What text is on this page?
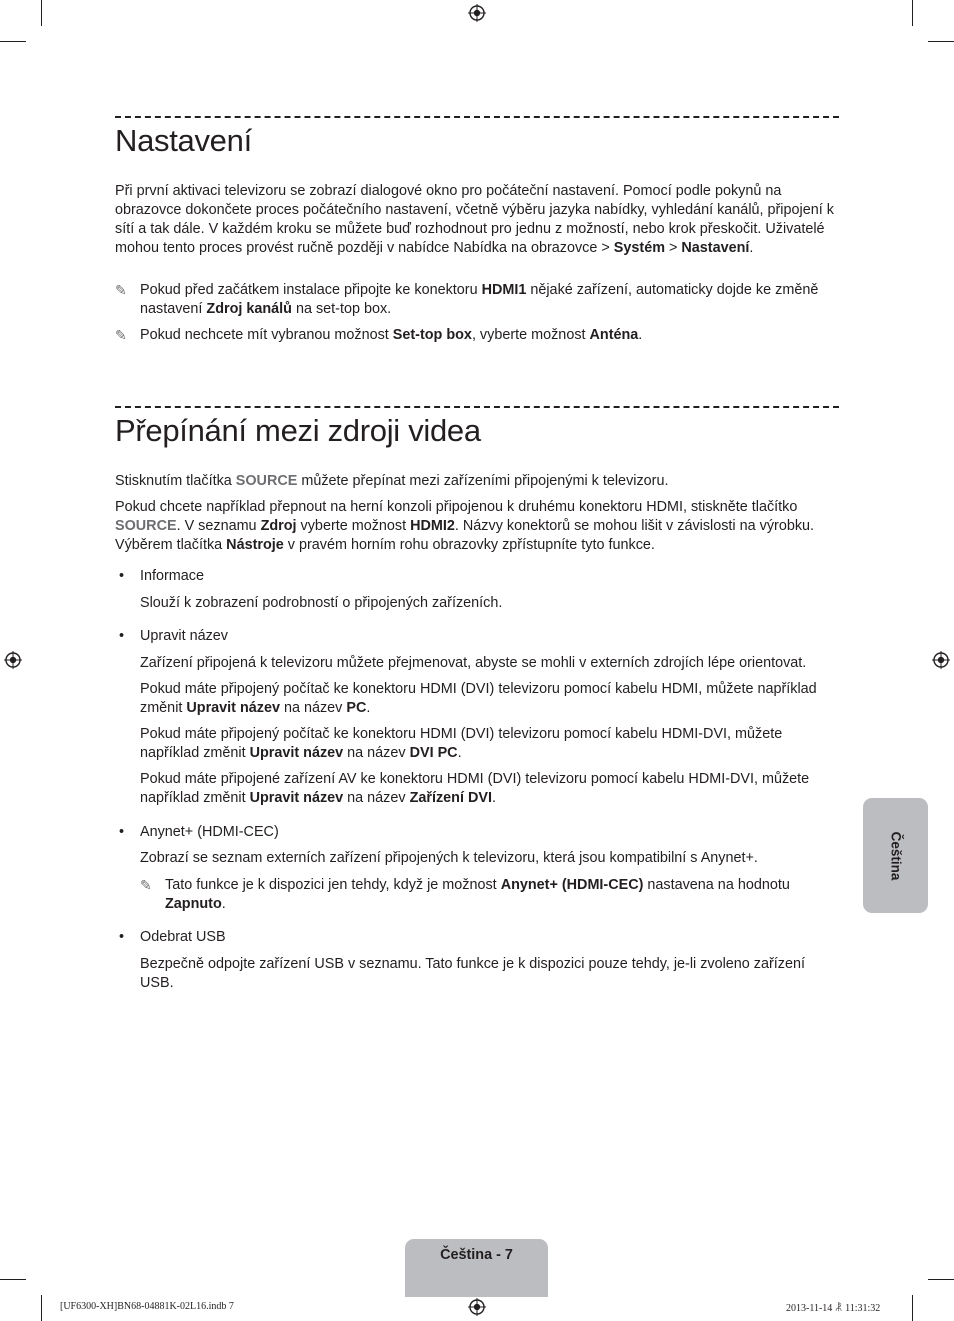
Nastavení

Při první aktivaci televizoru se zobrazí dialogové okno pro počáteční nastavení. Pomocí podle pokynů na obrazovce dokončete proces počátečního nastavení, včetně výběru jazyka nabídky, vyhledání kanálů, připojení k sítí a tak dále. V každém kroku se můžete buď rozhodnout pro jednu z možností, nebo krok přeskočit. Uživatelé mohou tento proces provést ručně později v nabídce Nabídka na obrazovce > Systém > Nastavení.

✎ Pokud před začátkem instalace připojte ke konektoru HDMI1 nějaké zařízení, automaticky dojde ke změně nastavení Zdroj kanálů na set-top box.

✎ Pokud nechcete mít vybranou možnost Set-top box, vyberte možnost Anténa.

Přepínání mezi zdroji videa

Stisknutím tlačítka SOURCE můžete přepínat mezi zařízeními připojenými k televizoru.

Pokud chcete například přepnout na herní konzoli připojenou k druhému konektoru HDMI, stiskněte tlačítko SOURCE. V seznamu Zdroj vyberte možnost HDMI2. Názvy konektorů se mohou lišit v závislosti na výrobku. Výběrem tlačítka Nástroje v pravém horním rohu obrazovky zpřístupníte tyto funkce.

• Informace

Slouží k zobrazení podrobností o připojených zařízeních.

• Upravit název

Zařízení připojená k televizoru můžete přejmenovat, abyste se mohli v externích zdrojích lépe orientovat.

Pokud máte připojený počítač ke konektoru HDMI (DVI) televizoru pomocí kabelu HDMI, můžete například změnit Upravit název na název PC.

Pokud máte připojený počítač ke konektoru HDMI (DVI) televizoru pomocí kabelu HDMI-DVI, můžete například změnit Upravit název na název DVI PC.

Pokud máte připojené zařízení AV ke konektoru HDMI (DVI) televizoru pomocí kabelu HDMI-DVI, můžete například změnit Upravit název na název Zařízení DVI.

• Anynet+ (HDMI-CEC)

Zobrazí se seznam externích zařízení připojených k televizoru, která jsou kompatibilní s Anynet+.

✎ Tato funkce je k dispozici jen tehdy, když je možnost Anynet+ (HDMI-CEC) nastavena na hodnotu Zapnuto.

• Odebrat USB

Bezpečně odpojte zařízení USB v seznamu. Tato funkce je k dispozici pouze tehdy, je-li zvoleno zařízení USB.

Čeština
Čeština - 7
[UF6300-XH]BN68-04881K-02L16.indb 7	2013-11-14 ꂿ 11:31:32
